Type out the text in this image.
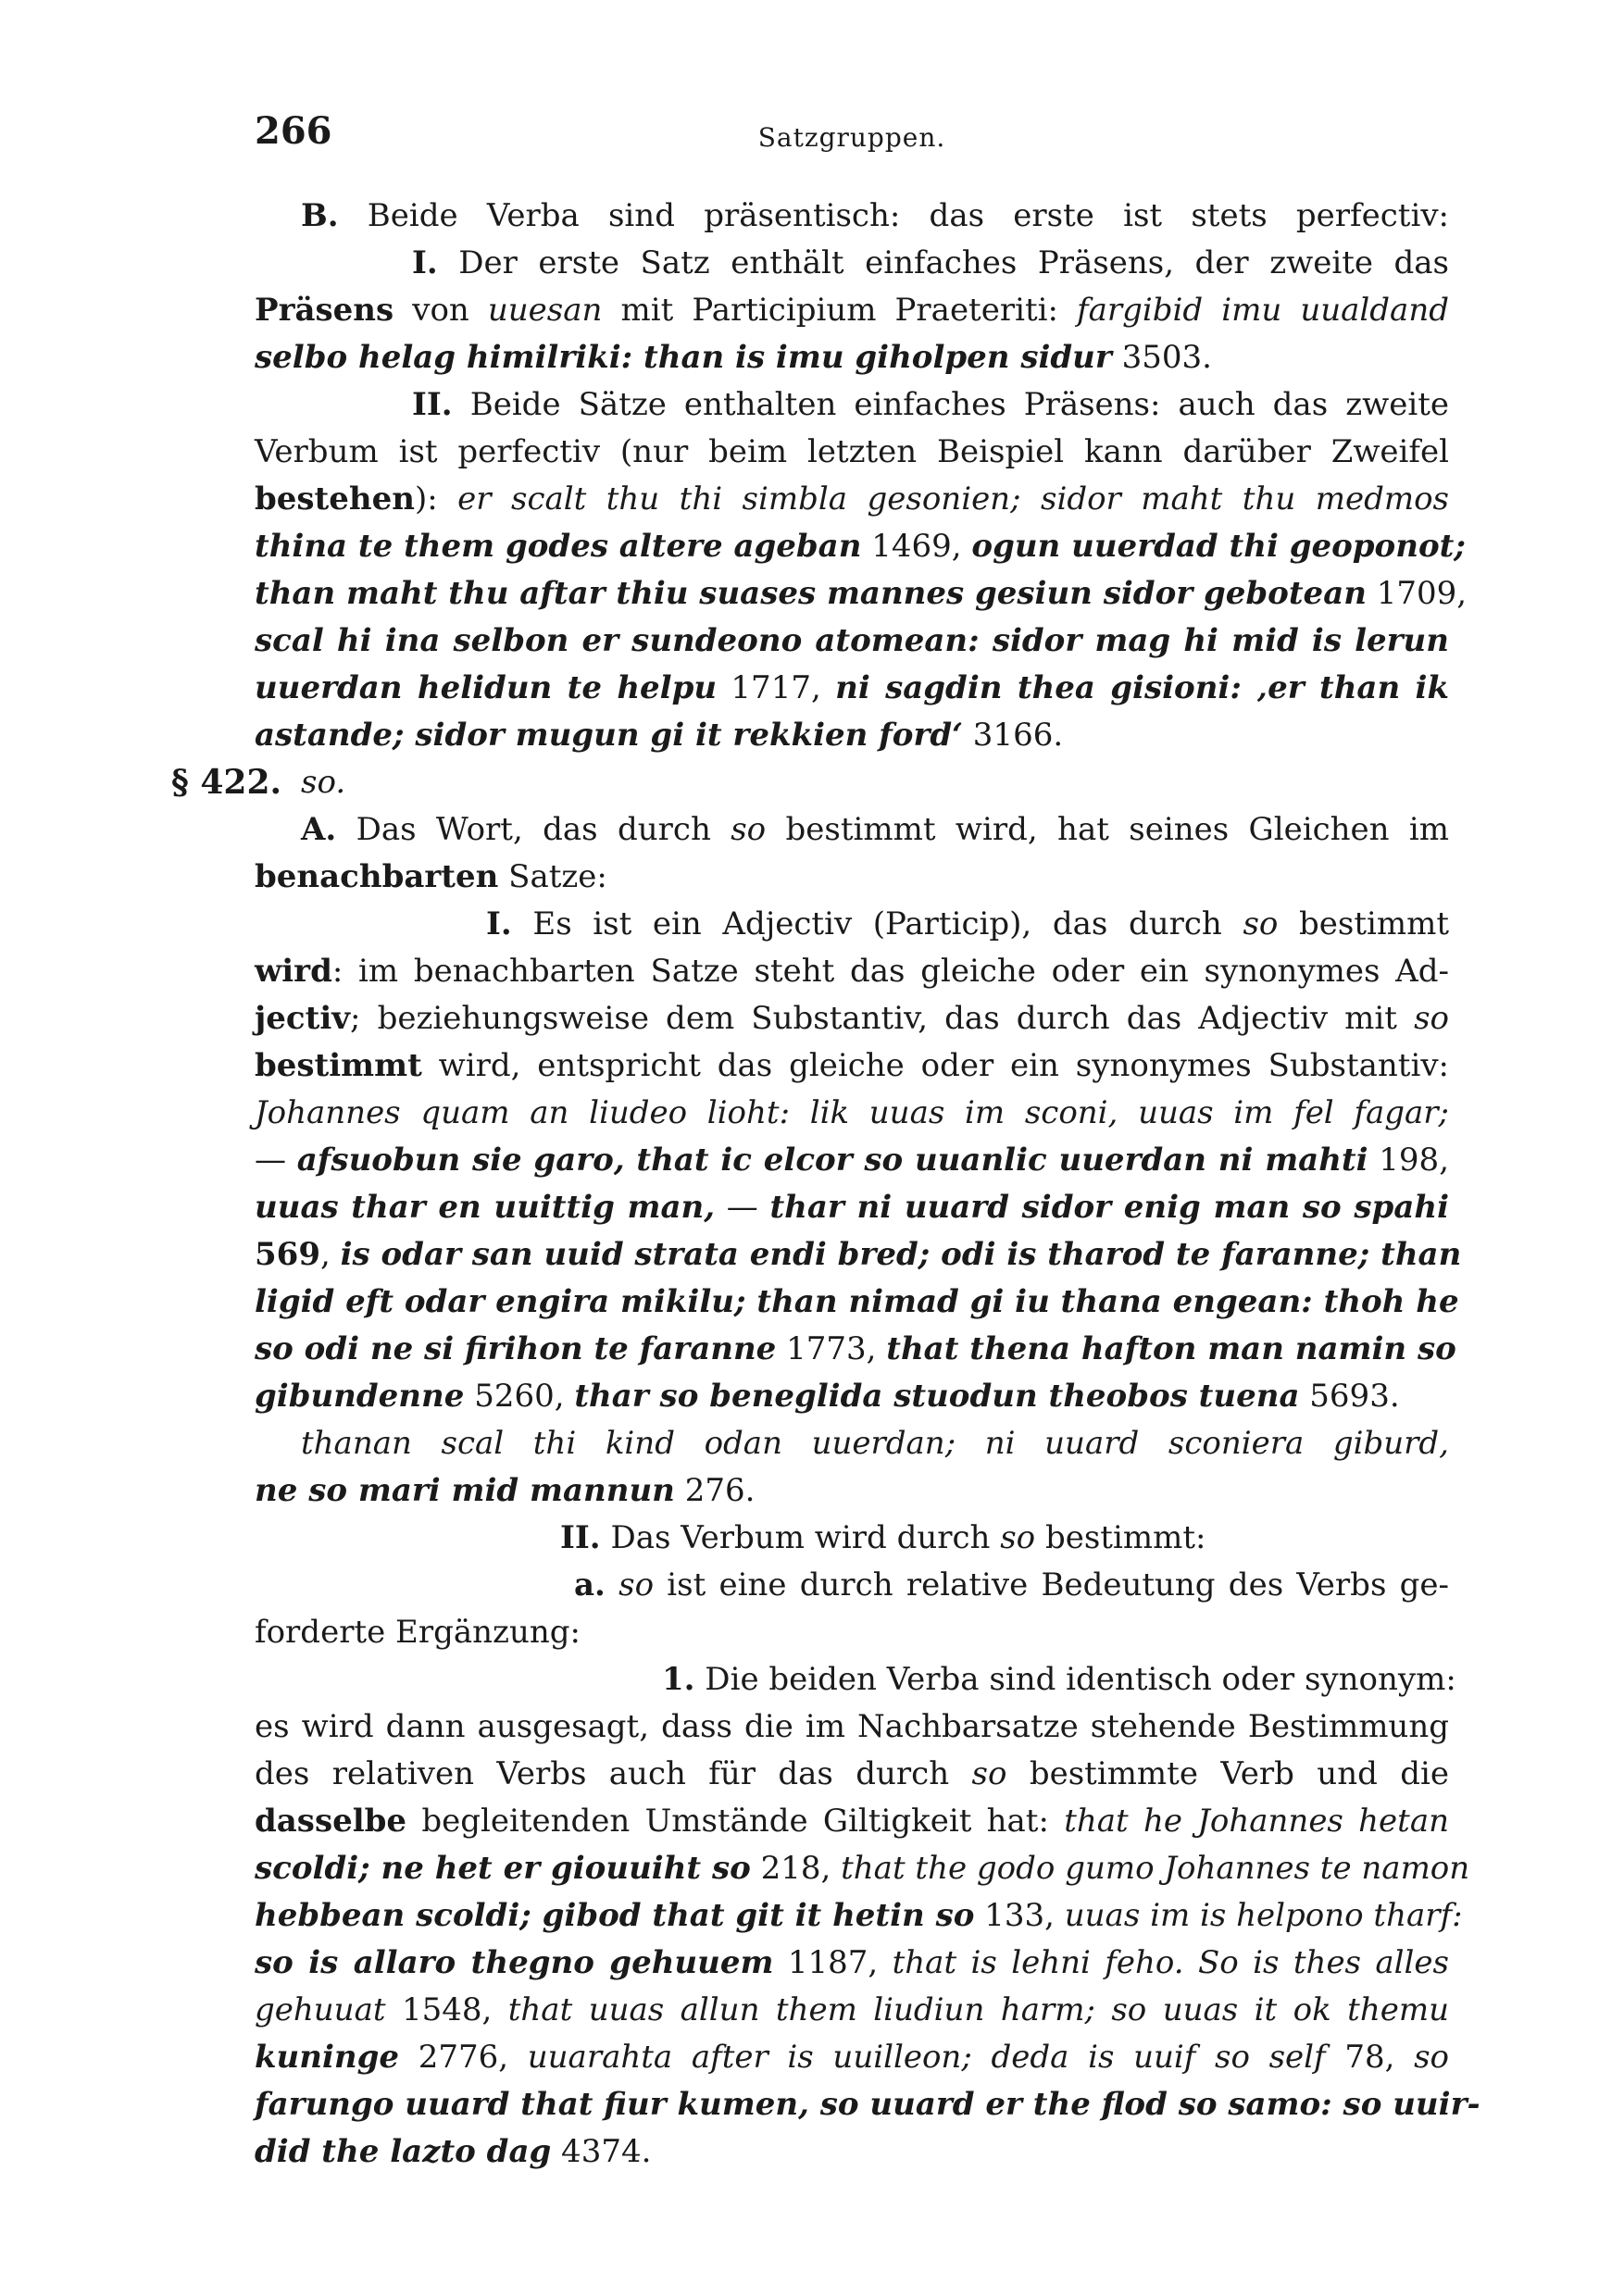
266	Satzgruppen.
B. Beide Verba sind präsentisch: das erste ist stets perfectiv:
I. Der erste Satz enthält einfaches Präsens, der zweite das
Präsens von uuesan mit Participium Praeteriti: fargibid imu uualdand
selbo helag himilriki: than is imu giholpen sidur 3503.
II. Beide Sätze enthalten einfaches Präsens: auch das zweite
Verbum ist perfectiv (nur beim letzten Beispiel kann darüber Zweifel
bestehen): er scalt thu thi simbla gesonien; sidor maht thu medmos
thina te them godes altere ageban 1469, ogun uuerdad thi geoponot;
than maht thu aftar thiu suases mannes gesiun sidor gebotean 1709,
scal hi ina selbon er sundeono atomean: sidor mag hi mid is lerun
uuerdan helidun te helpu 1717, ni sagdin thea gisioni: ‚er than ik
astande; sidor mugun gi it rekkien ford‘ 3166.
§ 422. so.
A. Das Wort, das durch so bestimmt wird, hat seines Gleichen im
benachbarten Satze:
I. Es ist ein Adjectiv (Particip), das durch so bestimmt
wird: im benachbarten Satze steht das gleiche oder ein synonymes Ad-
jectiv; beziehungsweise dem Substantiv, das durch das Adjectiv mit so
bestimmt wird, entspricht das gleiche oder ein synonymes Substantiv:
Johannes quam an liudeo lioht: lik uuas im sconi, uuas im fel fagar;
— afsuobun sie garo, that ic elcor so uuanlic uuerdan ni mahti 198,
uuas thar en uuittig man, — thar ni uuard sidor enig man so spahi
569, is odar san uuid strata endi bred; odi is tharod te faranne; than
ligid eft odar engira mikilu; than nimad gi iu thana engean: thoh he
so odi ne si firihon te faranne 1773, that thena hafton man namin so
gibundenne 5260, thar so beneglida stuodun theobos tuena 5693.
thanan scal thi kind odan uuerdan; ni uuard sconiera giburd,
ne so mari mid mannun 276.
II. Das Verbum wird durch so bestimmt:
a. so ist eine durch relative Bedeutung des Verbs ge-
forderte Ergänzung:
1. Die beiden Verba sind identisch oder synonym:
es wird dann ausgesagt, dass die im Nachbarsatze stehende Bestimmung
des relativen Verbs auch für das durch so bestimmte Verb und die
dasselbe begleitenden Umstände Giltigkeit hat: that he Johannes hetan
scoldi; ne het er giouuiht so 218, that the godo gumo Johannes te namon
hebbean scoldi; gibod that git it hetin so 133, uuas im is helpono tharf:
so is allaro thegno gehuuem 1187, that is lehni feho. So is thes alles
gehuuat 1548, that uuas allun them liudiun harm; so uuas it ok themu
kuninge 2776, uuarahta after is uuilleon; deda is uuif so self 78, so
farungo uuard that fiur kumen, so uuard er the flod so samo: so uuir-
did the lazto dag 4374.
